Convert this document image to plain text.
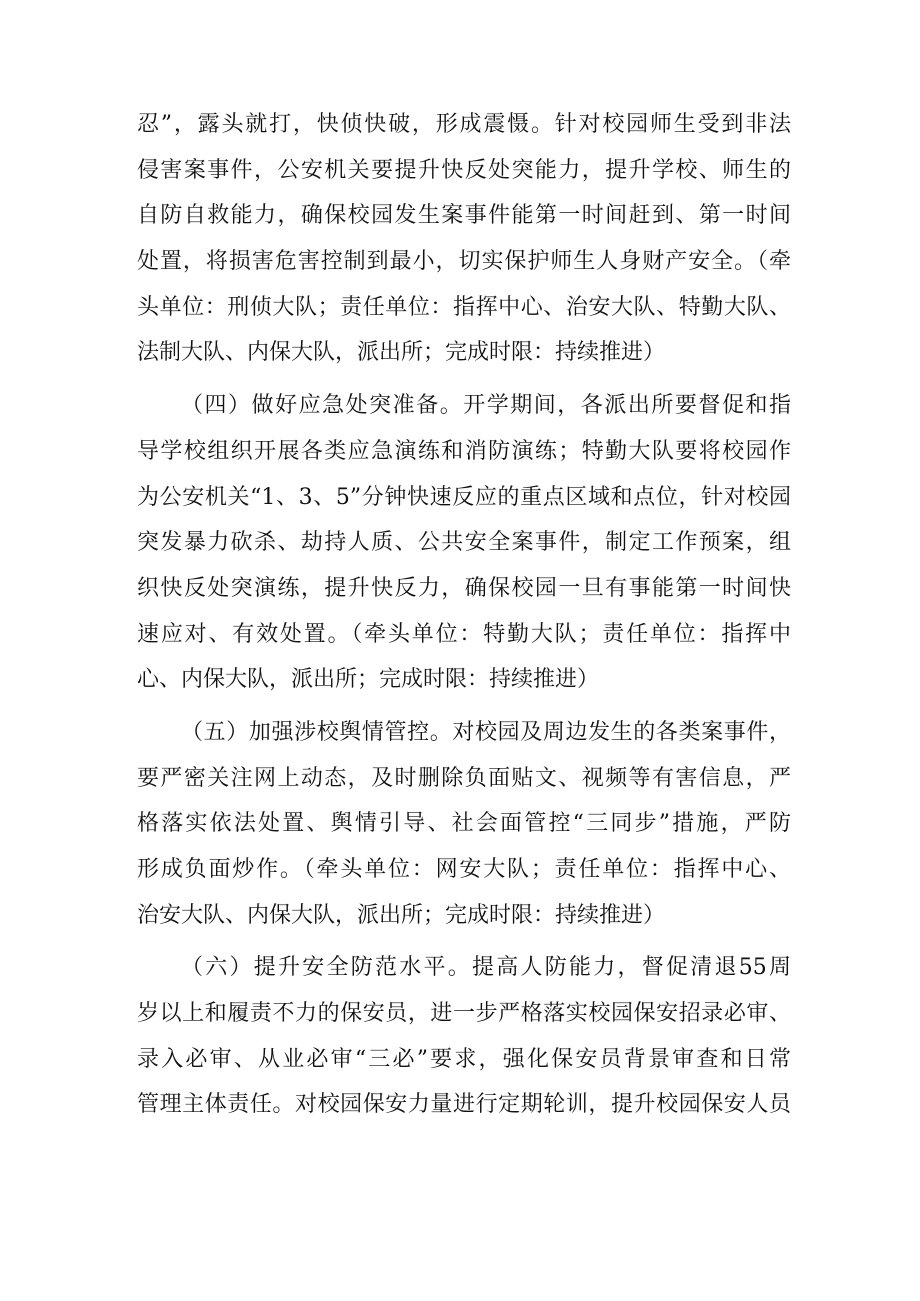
忍”，露头就打，快侦快破，形成震慑。针对校园师生受到非法
侵害案事件，公安机关要提升快反处突能力，提升学校、师生的
自防自救能力，确保校园发生案事件能第一时间赶到、第一时间
处置，将损害危害控制到最小，切实保护师生人身财产安全。（牵
头单位：刑侦大队；责任单位：指挥中心、治安大队、特勤大队、
法制大队、内保大队，派出所；完成时限：持续推进）
（四）做好应急处突准备。开学期间，各派出所要督促和指
导学校组织开展各类应急演练和消防演练；特勤大队要将校园作
为公安机关“1、3、5”分钟快速反应的重点区域和点位，针对校园
突发暴力砍杀、劫持人质、公共安全案事件，制定工作预案，组
织快反处突演练，提升快反力，确保校园一旦有事能第一时间快
速应对、有效处置。（牵头单位：特勤大队；责任单位：指挥中
心、内保大队，派出所；完成时限：持续推进）
（五）加强涉校舆情管控。对校园及周边发生的各类案事件，
要严密关注网上动态，及时删除负面贴文、视频等有害信息，严
格落实依法处置、舆情引导、社会面管控“三同步”措施，严防
形成负面炒作。（牵头单位：网安大队；责任单位：指挥中心、
治安大队、内保大队，派出所；完成时限：持续推进）
（六）提升安全防范水平。提高人防能力，督促清退55周
岁以上和履责不力的保安员，进一步严格落实校园保安招录必审、
录入必审、从业必审“三必”要求，强化保安员背景审查和日常
管理主体责任。对校园保安力量进行定期轮训，提升校园保安人员
